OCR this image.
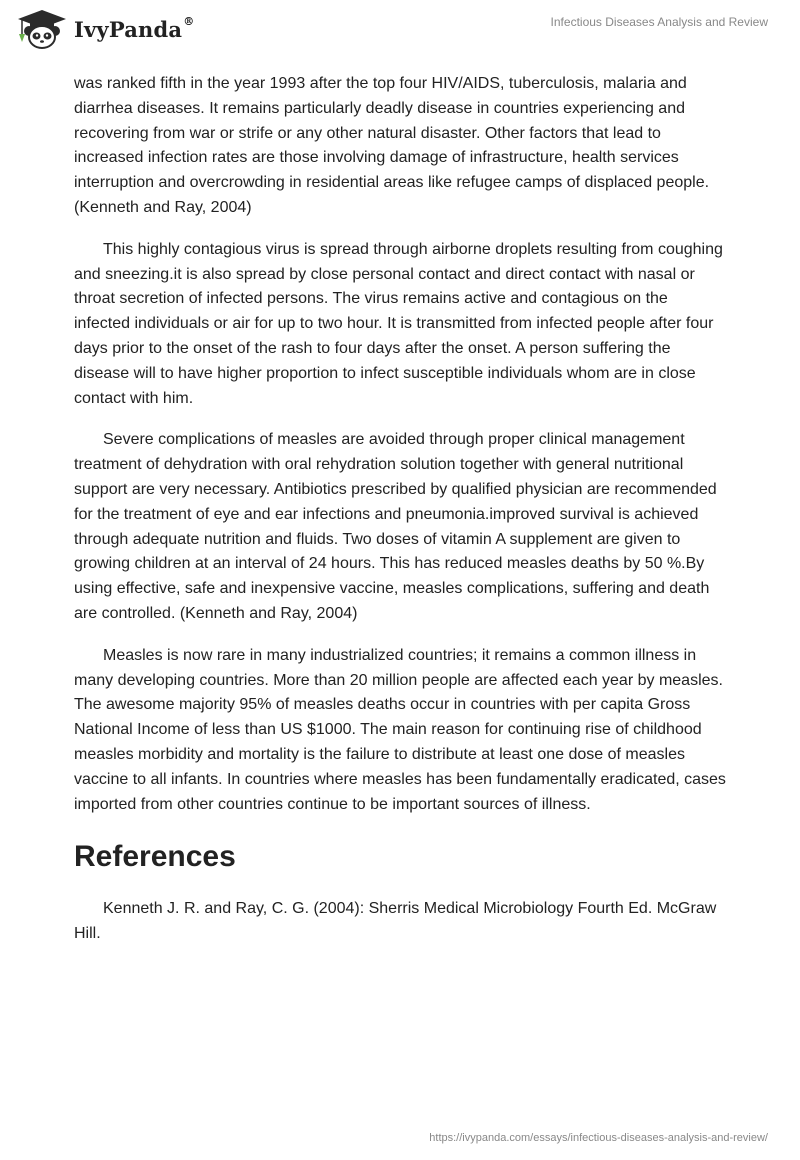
IvyPanda®	Infectious Diseases Analysis and Review

was ranked fifth in the year 1993 after the top four HIV/AIDS, tuberculosis, malaria and diarrhea diseases. It remains particularly deadly disease in countries experiencing and recovering from war or strife or any other natural disaster. Other factors that lead to increased infection rates are those involving damage of infrastructure, health services interruption and overcrowding in residential areas like refugee camps of displaced people. (Kenneth and Ray, 2004)

This highly contagious virus is spread through airborne droplets resulting from coughing and sneezing.it is also spread by close personal contact and direct contact with nasal or throat secretion of infected persons. The virus remains active and contagious on the infected individuals or air for up to two hour. It is transmitted from infected people after four days prior to the onset of the rash to four days after the onset. A person suffering the disease will to have higher proportion to infect susceptible individuals whom are in close contact with him.

Severe complications of measles are avoided through proper clinical management treatment of dehydration with oral rehydration solution together with general nutritional support are very necessary. Antibiotics prescribed by qualified physician are recommended for the treatment of eye and ear infections and pneumonia.improved survival is achieved through adequate nutrition and fluids. Two doses of vitamin A supplement are given to growing children at an interval of 24 hours. This has reduced measles deaths by 50 %.By using effective, safe and inexpensive vaccine, measles complications, suffering and death are controlled. (Kenneth and Ray, 2004)

Measles is now rare in many industrialized countries; it remains a common illness in many developing countries. More than 20 million people are affected each year by measles. The awesome majority 95% of measles deaths occur in countries with per capita Gross National Income of less than US $1000. The main reason for continuing rise of childhood measles morbidity and mortality is the failure to distribute at least one dose of measles vaccine to all infants. In countries where measles has been fundamentally eradicated, cases imported from other countries continue to be important sources of illness.

References

Kenneth J. R. and Ray, C. G. (2004): Sherris Medical Microbiology Fourth Ed. McGraw Hill.

https://ivypanda.com/essays/infectious-diseases-analysis-and-review/
